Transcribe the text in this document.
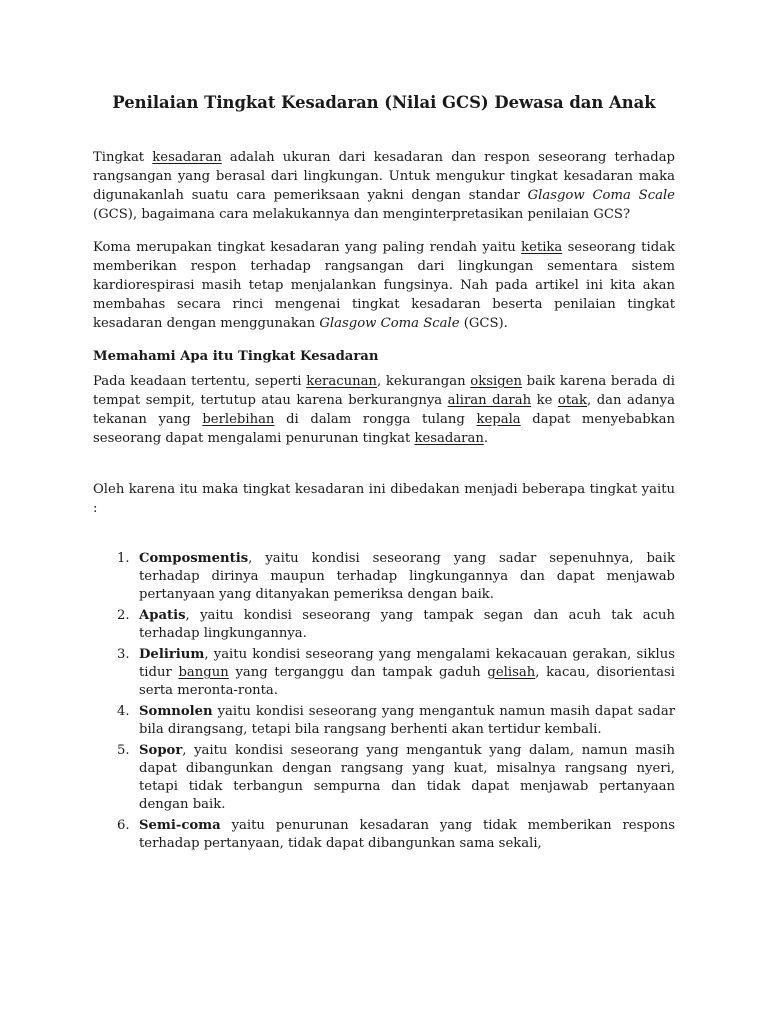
Penilaian Tingkat Kesadaran (Nilai GCS) Dewasa dan Anak

Tingkat kesadaran adalah ukuran dari kesadaran dan respon seseorang terhadap rangsangan yang berasal dari lingkungan. Untuk mengukur tingkat kesadaran maka digunakanlah suatu cara pemeriksaan yakni dengan standar Glasgow Coma Scale (GCS), bagaimana cara melakukannya dan menginterpretasikan penilaian GCS?

Koma merupakan tingkat kesadaran yang paling rendah yaitu ketika seseorang tidak memberikan respon terhadap rangsangan dari lingkungan sementara sistem kardiorespirasi masih tetap menjalankan fungsinya. Nah pada artikel ini kita akan membahas secara rinci mengenai tingkat kesadaran beserta penilaian tingkat kesadaran dengan menggunakan Glasgow Coma Scale (GCS).

Memahami Apa itu Tingkat Kesadaran

Pada keadaan tertentu, seperti keracunan, kekurangan oksigen baik karena berada di tempat sempit, tertutup atau karena berkurangnya aliran darah ke otak, dan adanya tekanan yang berlebihan di dalam rongga tulang kepala dapat menyebabkan seseorang dapat mengalami penurunan tingkat kesadaran.

Oleh karena itu maka tingkat kesadaran ini dibedakan menjadi beberapa tingkat yaitu :

1. Composmentis, yaitu kondisi seseorang yang sadar sepenuhnya, baik terhadap dirinya maupun terhadap lingkungannya dan dapat menjawab pertanyaan yang ditanyakan pemeriksa dengan baik.
2. Apatis, yaitu kondisi seseorang yang tampak segan dan acuh tak acuh terhadap lingkungannya.
3. Delirium, yaitu kondisi seseorang yang mengalami kekacauan gerakan, siklus tidur bangun yang terganggu dan tampak gaduh gelisah, kacau, disorientasi serta meronta-ronta.
4. Somnolen yaitu kondisi seseorang yang mengantuk namun masih dapat sadar bila dirangsang, tetapi bila rangsang berhenti akan tertidur kembali.
5. Sopor, yaitu kondisi seseorang yang mengantuk yang dalam, namun masih dapat dibangunkan dengan rangsang yang kuat, misalnya rangsang nyeri, tetapi tidak terbangun sempurna dan tidak dapat menjawab pertanyaan dengan baik.
6. Semi-coma yaitu penurunan kesadaran yang tidak memberikan respons terhadap pertanyaan, tidak dapat dibangunkan sama sekali,
